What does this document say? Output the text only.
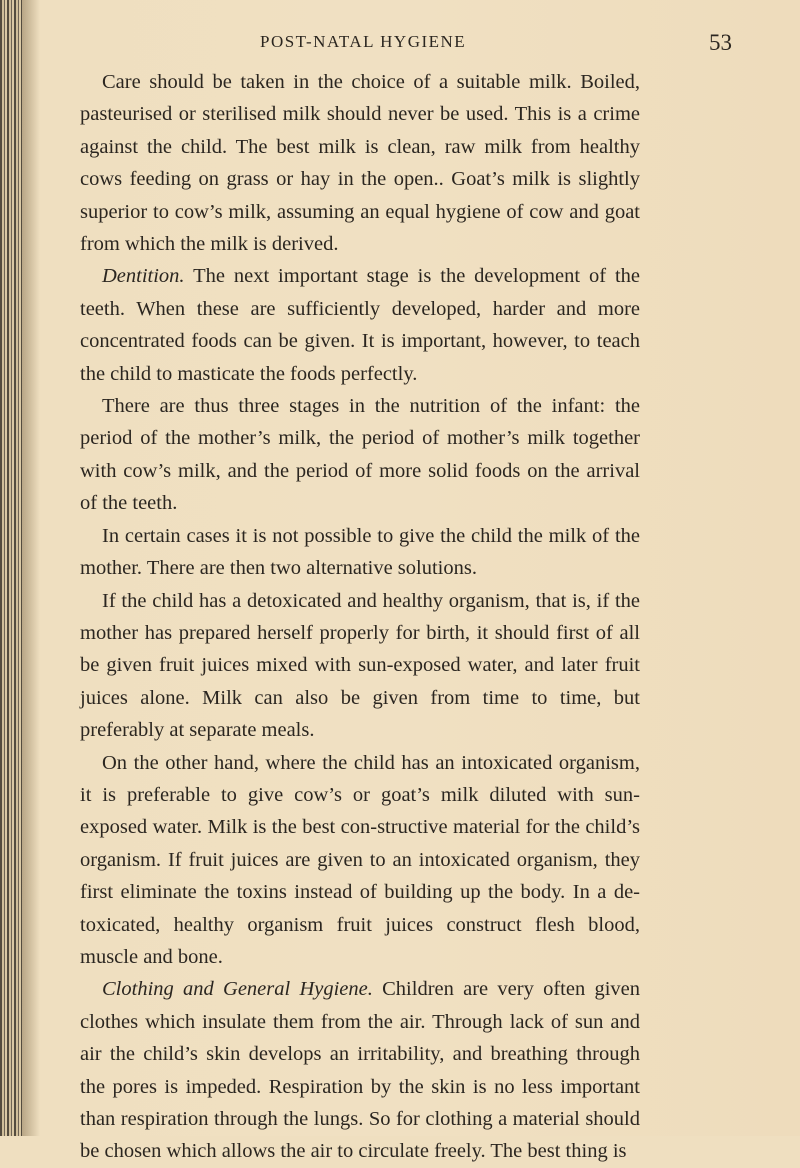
POST-NATAL HYGIENE	53

Care should be taken in the choice of a suitable milk. Boiled, pasteurised or sterilised milk should never be used. This is a crime against the child. The best milk is clean, raw milk from healthy cows feeding on grass or hay in the open.. Goat’s milk is slightly superior to cow’s milk, assuming an equal hygiene of cow and goat from which the milk is derived.

Dentition. The next important stage is the development of the teeth. When these are sufficiently developed, harder and more concentrated foods can be given. It is important, however, to teach the child to masticate the foods perfectly.

There are thus three stages in the nutrition of the infant: the period of the mother’s milk, the period of mother’s milk together with cow’s milk, and the period of more solid foods on the arrival of the teeth.

In certain cases it is not possible to give the child the milk of the mother. There are then two alternative solutions.

If the child has a detoxicated and healthy organism, that is, if the mother has prepared herself properly for birth, it should first of all be given fruit juices mixed with sun-exposed water, and later fruit juices alone. Milk can also be given from time to time, but preferably at separate meals.

On the other hand, where the child has an intoxicated organism, it is preferable to give cow’s or goat’s milk diluted with sun-exposed water. Milk is the best con-structive material for the child’s organism. If fruit juices are given to an intoxicated organism, they first eliminate the toxins instead of building up the body. In a de-toxicated, healthy organism fruit juices construct flesh blood, muscle and bone.

Clothing and General Hygiene. Children are very often given clothes which insulate them from the air. Through lack of sun and air the child’s skin develops an irritability, and breathing through the pores is impeded. Respiration by the skin is no less important than respiration through the lungs. So for clothing a material should be chosen which allows the air to circulate freely. The best thing is
